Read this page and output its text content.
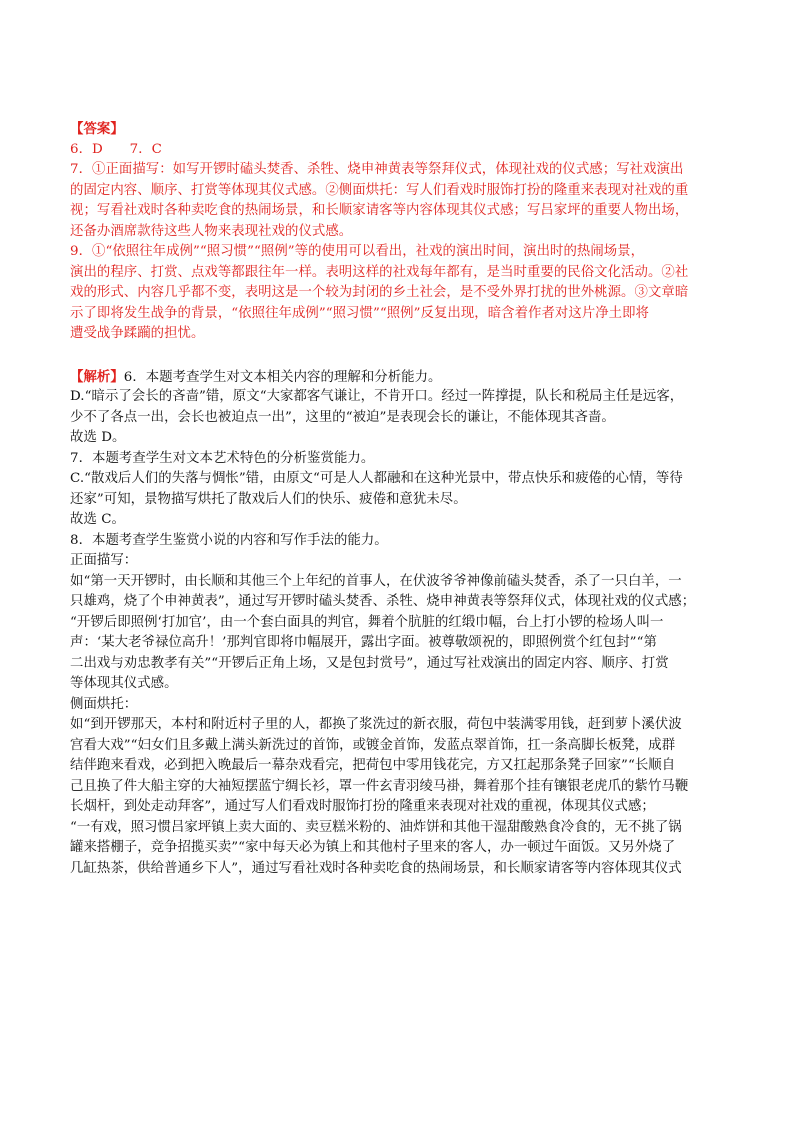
【答案】
6．D　　7．C
7．①正面描写：如写开锣时磕头焚香、杀牲、烧申神黄表等祭拜仪式，体现社戏的仪式感；写社戏演出
的固定内容、顺序、打赏等体现其仪式感。②侧面烘托：写人们看戏时服饰打扮的隆重来表现对社戏的重
视；写看社戏时各种卖吃食的热闹场景，和长顺家请客等内容体现其仪式感；写吕家坪的重要人物出场，
还备办酒席款待这些人物来表现社戏的仪式感。
9．①“依照往年成例”“照习惯”“照例”等的使用可以看出，社戏的演出时间，演出时的热闹场景，
演出的程序、打赏、点戏等都跟往年一样。表明这样的社戏每年都有，是当时重要的民俗文化活动。②社
戏的形式、内容几乎都不变，表明这是一个较为封闭的乡土社会，是不受外界打扰的世外桃源。③文章暗
示了即将发生战争的背景，“依照往年成例”“照习惯”“照例”反复出现，暗含着作者对这片净土即将
遭受战争蹂躏的担忧。
【解析】6．本题考查学生对文本相关内容的理解和分析能力。
D.“暗示了会长的吝啬”错，原文“大家都客气谦让，不肯开口。经过一阵撑提，队长和税局主任是远客，
少不了各点一出，会长也被迫点一出”，这里的“被迫”是表现会长的谦让，不能体现其吝啬。
故选 D。
7．本题考查学生对文本艺术特色的分析鉴赏能力。
C.“散戏后人们的失落与惆怅”错，由原文“可是人人都融和在这种光景中，带点快乐和疲倦的心情，等待
还家”可知，景物描写烘托了散戏后人们的快乐、疲倦和意犹未尽。
故选 C。
8．本题考查学生鉴赏小说的内容和写作手法的能力。
正面描写：
如“第一天开锣时，由长顺和其他三个上年纪的首事人，在伏波爷爷神像前磕头焚香，杀了一只白羊，一
只雄鸡，烧了个申神黄表”，通过写开锣时磕头焚香、杀牲、烧申神黄表等祭拜仪式，体现社戏的仪式感；
“开锣后即照例‘打加官’，由一个套白面具的判官，舞着个肮脏的红缎巾幅，台上打小锣的检场人叫一
声：‘某大老爷禄位高升！’那判官即将巾幅展开，露出字面。被尊敬颂祝的，即照例赏个红包封”“第
二出戏与劝忠教孝有关”“开锣后正角上场，又是包封赏号”，通过写社戏演出的固定内容、顺序、打赏
等体现其仪式感。
侧面烘托：
如“到开锣那天，本村和附近村子里的人，都换了浆洗过的新衣服，荷包中装满零用钱，赶到萝卜溪伏波
宫看大戏”“妇女们且多戴上满头新洗过的首饰，或镀金首饰，发蓝点翠首饰，扛一条高脚长板凳，成群
结伴跑来看戏，必到把入晚最后一幕杂戏看完，把荷包中零用钱花完，方又扛起那条凳子回家”“长顺自
己且换了件大船主穿的大袖短摆蓝宁绸长衫，罩一件玄青羽绫马褂，舞着那个挂有镶银老虎爪的紫竹马鞭
长烟杆，到处走动拜客”，通过写人们看戏时服饰打扮的隆重来表现对社戏的重视，体现其仪式感；
“一有戏，照习惯吕家坪镇上卖大面的、卖豆糕米粉的、油炸饼和其他干湿甜酸熟食冷食的，无不挑了锅
罐来搭棚子，竞争招揽买卖”“家中每天必为镇上和其他村子里来的客人，办一顿过午面饭。又另外烧了
几缸热茶，供给普通乡下人”，通过写看社戏时各种卖吃食的热闹场景，和长顺家请客等内容体现其仪式
